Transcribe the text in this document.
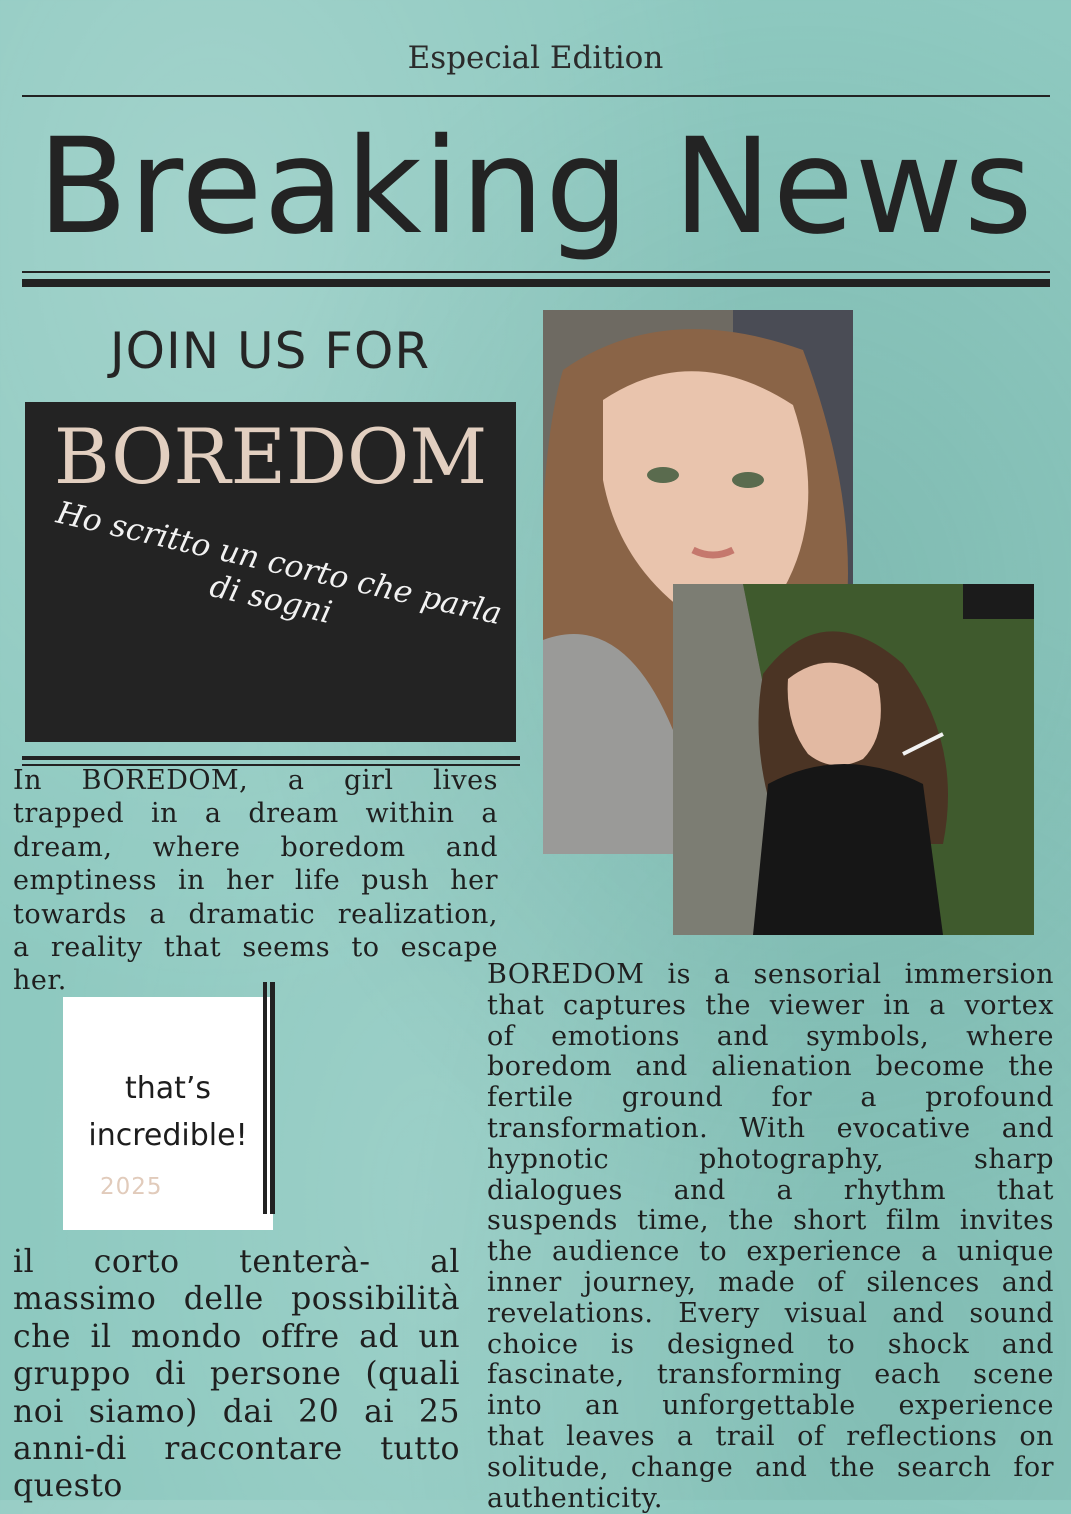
Especial Edition
Breaking News
JOIN US FOR
BOREDOM
Ho scritto un corto che parla di sogni
In BOREDOM, a girl lives
trapped in a dream within a
dream, where boredom and
emptiness in her life push her
towards a dramatic realization,
a reality that seems to escape
her.
that’s
incredible!
2025
il corto tenterà- al
massimo delle possibilità
che il mondo offre ad un
gruppo di persone (quali
noi siamo) dai 20 ai 25
anni-di raccontare tutto
questo
BOREDOM is a sensorial immersion
that captures the viewer in a vortex
of emotions and symbols, where
boredom and alienation become the
fertile ground for a profound
transformation. With evocative and
hypnotic photography, sharp
dialogues and a rhythm that
suspends time, the short film invites
the audience to experience a unique
inner journey, made of silences and
revelations. Every visual and sound
choice is designed to shock and
fascinate, transforming each scene
into an unforgettable experience
that leaves a trail of reflections on
solitude, change and the search for
authenticity.
